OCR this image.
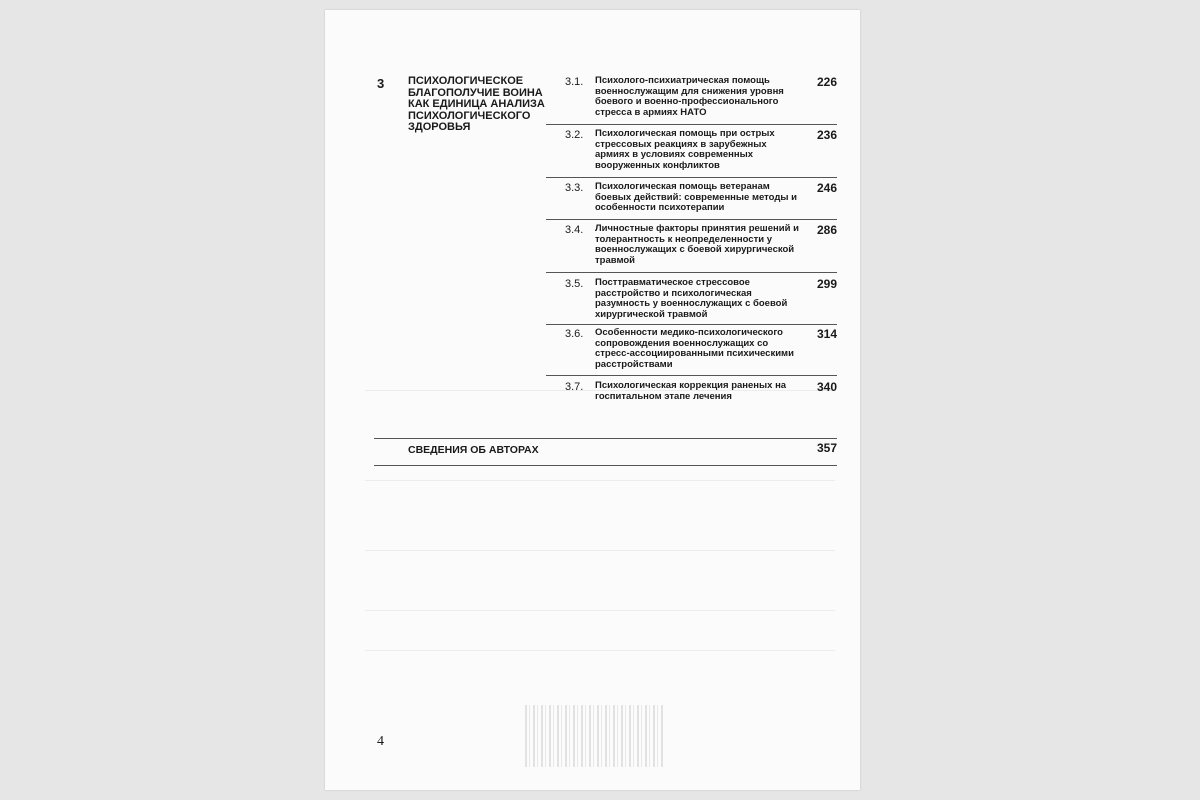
3 ПСИХОЛОГИЧЕСКОЕ БЛАГОПОЛУЧИЕ ВОИНА КАК ЕДИНИЦА АНАЛИЗА ПСИХОЛОГИЧЕСКОГО ЗДОРОВЬЯ
3.1. Психолого-психиатрическая помощь военнослужащим для снижения уровня боевого и военно-профессионального стресса в армиях НАТО
226
3.2. Психологическая помощь при острых стрессовых реакциях в зарубежных армиях в условиях современных вооруженных конфликтов
236
3.3. Психологическая помощь ветеранам боевых действий: современные методы и особенности психотерапии
246
3.4. Личностные факторы принятия решений и толерантность к неопределенности у военнослужащих с боевой хирургической травмой
286
3.5. Посттравматическое стрессовое расстройство и психологическая разумность у военнослужащих с боевой хирургической травмой
299
3.6. Особенности медико-психологического сопровождения военнослужащих со стресс-ассоциированными психическими расстройствами
314
3.7. Психологическая коррекция раненых на госпитальном этапе лечения
340
СВЕДЕНИЯ ОБ АВТОРАХ	357
4
